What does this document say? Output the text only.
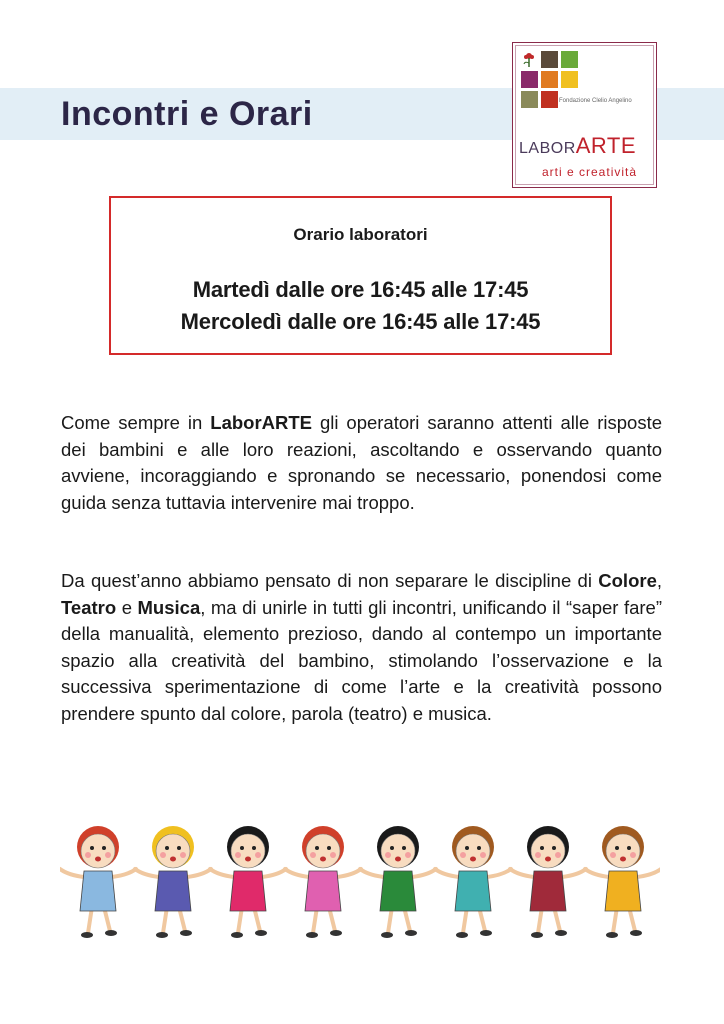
Incontri e Orari	Fondazione Clelio Angelino
LABORARTE
arti e creatività
Orario laboratori
Martedì dalle ore 16:45 alle 17:45
Mercoledì dalle ore 16:45 alle 17:45

Come sempre in LaborARTE gli operatori saranno attenti alle risposte dei bambini e alle loro reazioni, ascoltando e osservando quanto avviene, incoraggiando e spronando se necessario, ponendosi come guida senza tuttavia intervenire mai troppo.

Da quest’anno abbiamo pensato di non separare le discipline di Colore, Teatro e Musica, ma di unirle in tutti gli incontri, unificando il “saper fare” della manualità, elemento prezioso, dando al contempo un importante spazio alla creatività del bambino, stimolando l’osservazione e la successiva sperimentazione di come l’arte e la creatività possono prendere spunto dal colore, parola (teatro) e musica.
